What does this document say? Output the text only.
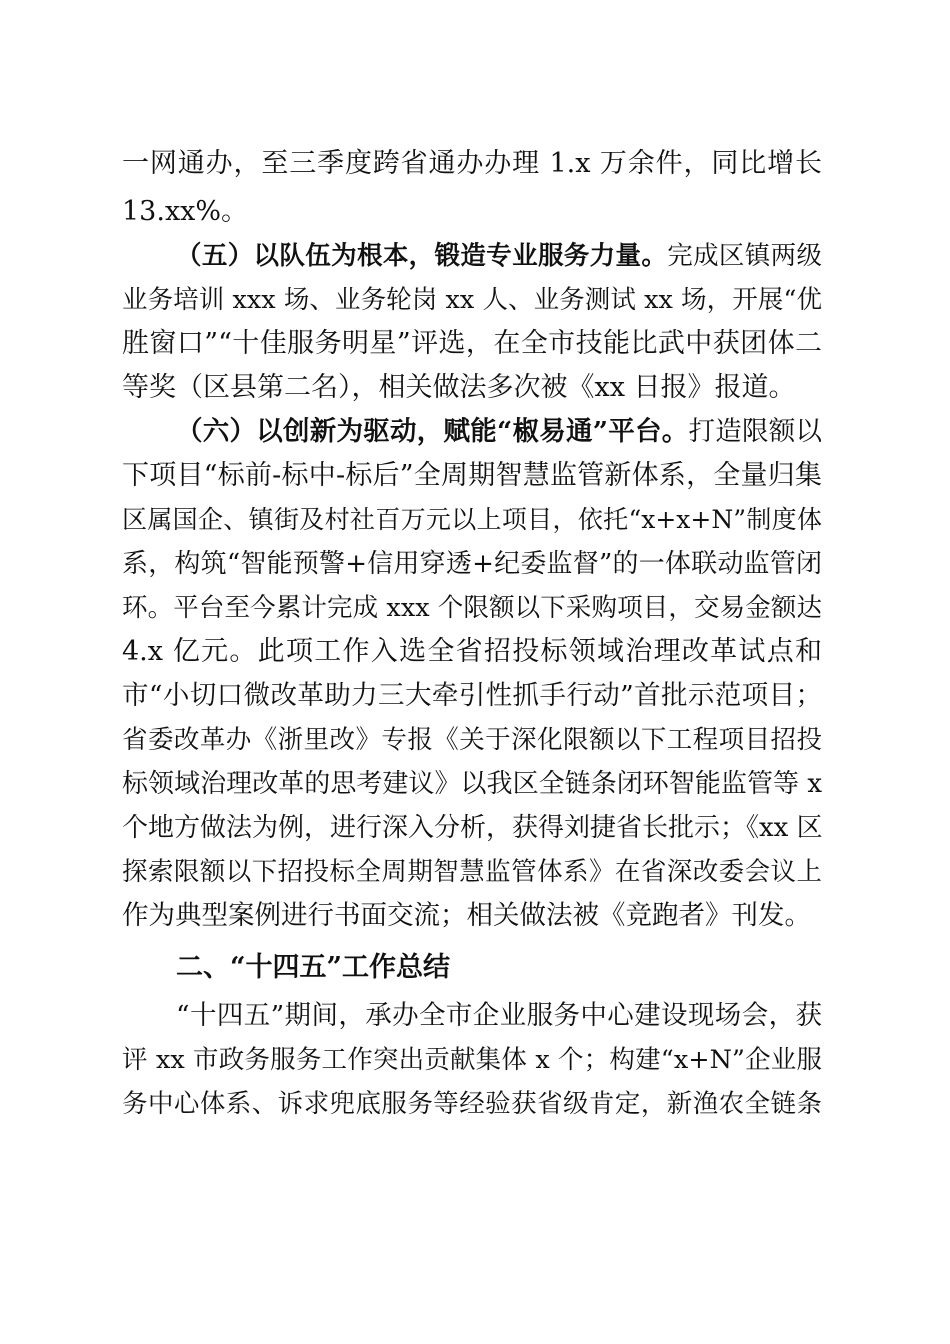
一网通办，至三季度跨省通办办理 1.x 万余件，同比增长
13.xx%。
（五）以队伍为根本，锻造专业服务力量。完成区镇两级
业务培训 xxx 场、业务轮岗 xx 人、业务测试 xx 场，开展“优
胜窗口”“十佳服务明星”评选，在全市技能比武中获团体二
等奖（区县第二名），相关做法多次被《xx 日报》报道。
（六）以创新为驱动，赋能“椒易通”平台。打造限额以
下项目“标前-标中-标后”全周期智慧监管新体系，全量归集
区属国企、镇街及村社百万元以上项目，依托“x+x+N”制度体
系，构筑“智能预警+信用穿透+纪委监督”的一体联动监管闭
环。平台至今累计完成 xxx 个限额以下采购项目，交易金额达
4.x 亿元。此项工作入选全省招投标领域治理改革试点和
市“小切口微改革助力三大牵引性抓手行动”首批示范项目；
省委改革办《浙里改》专报《关于深化限额以下工程项目招投
标领域治理改革的思考建议》以我区全链条闭环智能监管等 x
个地方做法为例，进行深入分析，获得刘捷省长批示；《xx 区
探索限额以下招投标全周期智慧监管体系》在省深改委会议上
作为典型案例进行书面交流；相关做法被《竞跑者》刊发。
二、“十四五”工作总结
“十四五”期间，承办全市企业服务中心建设现场会，获
评 xx 市政务服务工作突出贡献集体 x 个；构建“x+N”企业服
务中心体系、诉求兜底服务等经验获省级肯定，新渔农全链条
